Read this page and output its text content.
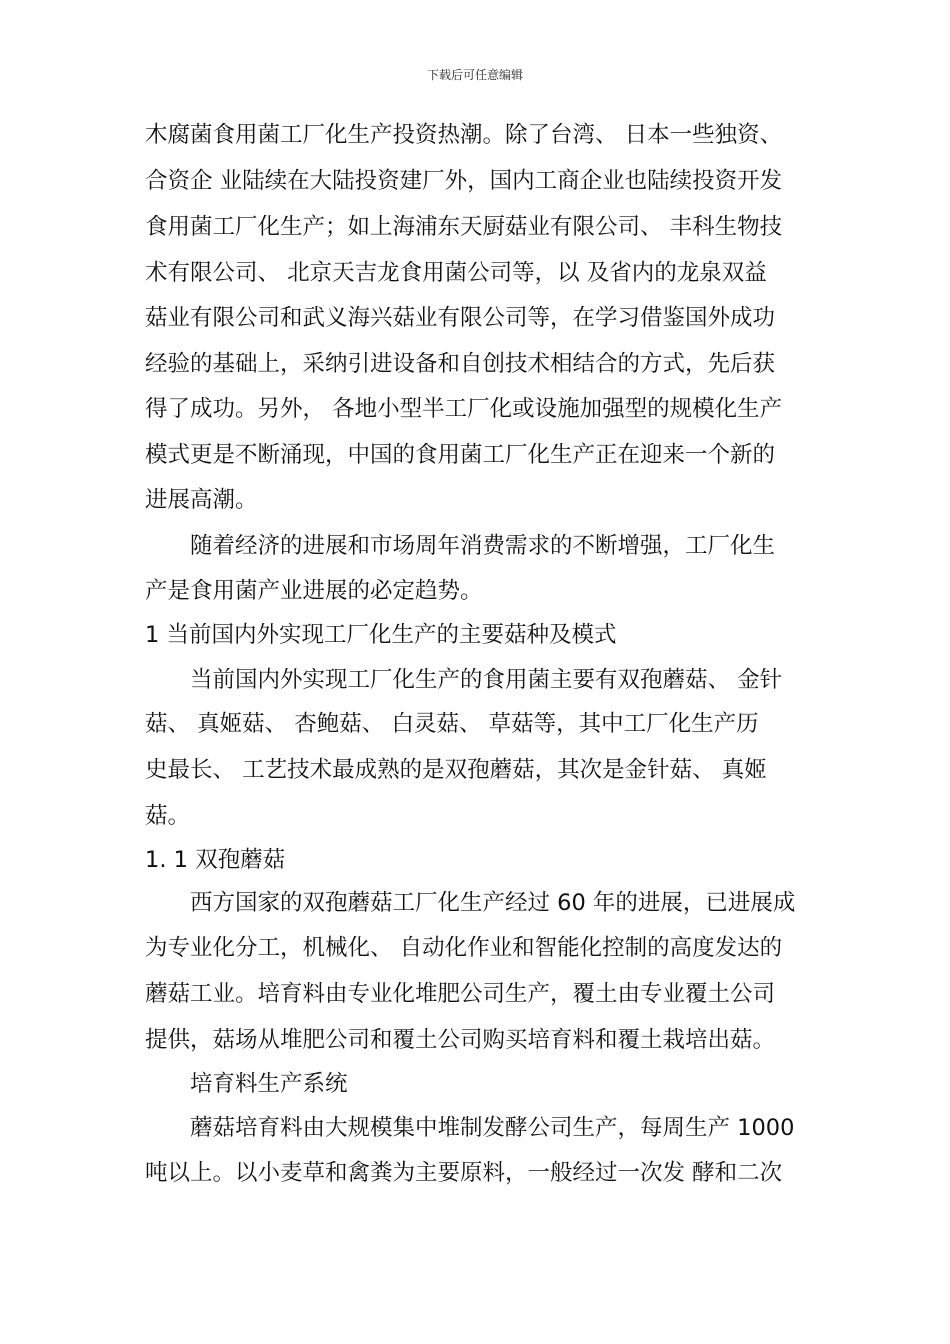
下载后可任意编辑
木腐菌食用菌工厂化生产投资热潮。除了台湾、 日本一些独资、
合资企 业陆续在大陆投资建厂外，国内工商企业也陆续投资开发
食用菌工厂化生产；如上海浦东天厨菇业有限公司、 丰科生物技
术有限公司、 北京天吉龙食用菌公司等，以 及省内的龙泉双益
菇业有限公司和武义海兴菇业有限公司等，在学习借鉴国外成功
经验的基础上，采纳引进设备和自创技术相结合的方式，先后获
得了成功。另外， 各地小型半工厂化或设施加强型的规模化生产
模式更是不断涌现，中国的食用菌工厂化生产正在迎来一个新的
进展高潮。
随着经济的进展和市场周年消费需求的不断增强，工厂化生
产是食用菌产业进展的必定趋势。
1 当前国内外实现工厂化生产的主要菇种及模式
当前国内外实现工厂化生产的食用菌主要有双孢蘑菇、 金针
菇、 真姬菇、 杏鲍菇、 白灵菇、 草菇等，其中工厂化生产历
史最长、 工艺技术最成熟的是双孢蘑菇，其次是金针菇、 真姬
菇。
1. 1 双孢蘑菇
西方国家的双孢蘑菇工厂化生产经过 60 年的进展，已进展成
为专业化分工，机械化、 自动化作业和智能化控制的高度发达的
蘑菇工业。培育料由专业化堆肥公司生产，覆土由专业覆土公司
提供，菇场从堆肥公司和覆土公司购买培育料和覆土栽培出菇。
培育料生产系统
蘑菇培育料由大规模集中堆制发酵公司生产，每周生产 1000
吨以上。以小麦草和禽粪为主要原料，一般经过一次发 酵和二次
